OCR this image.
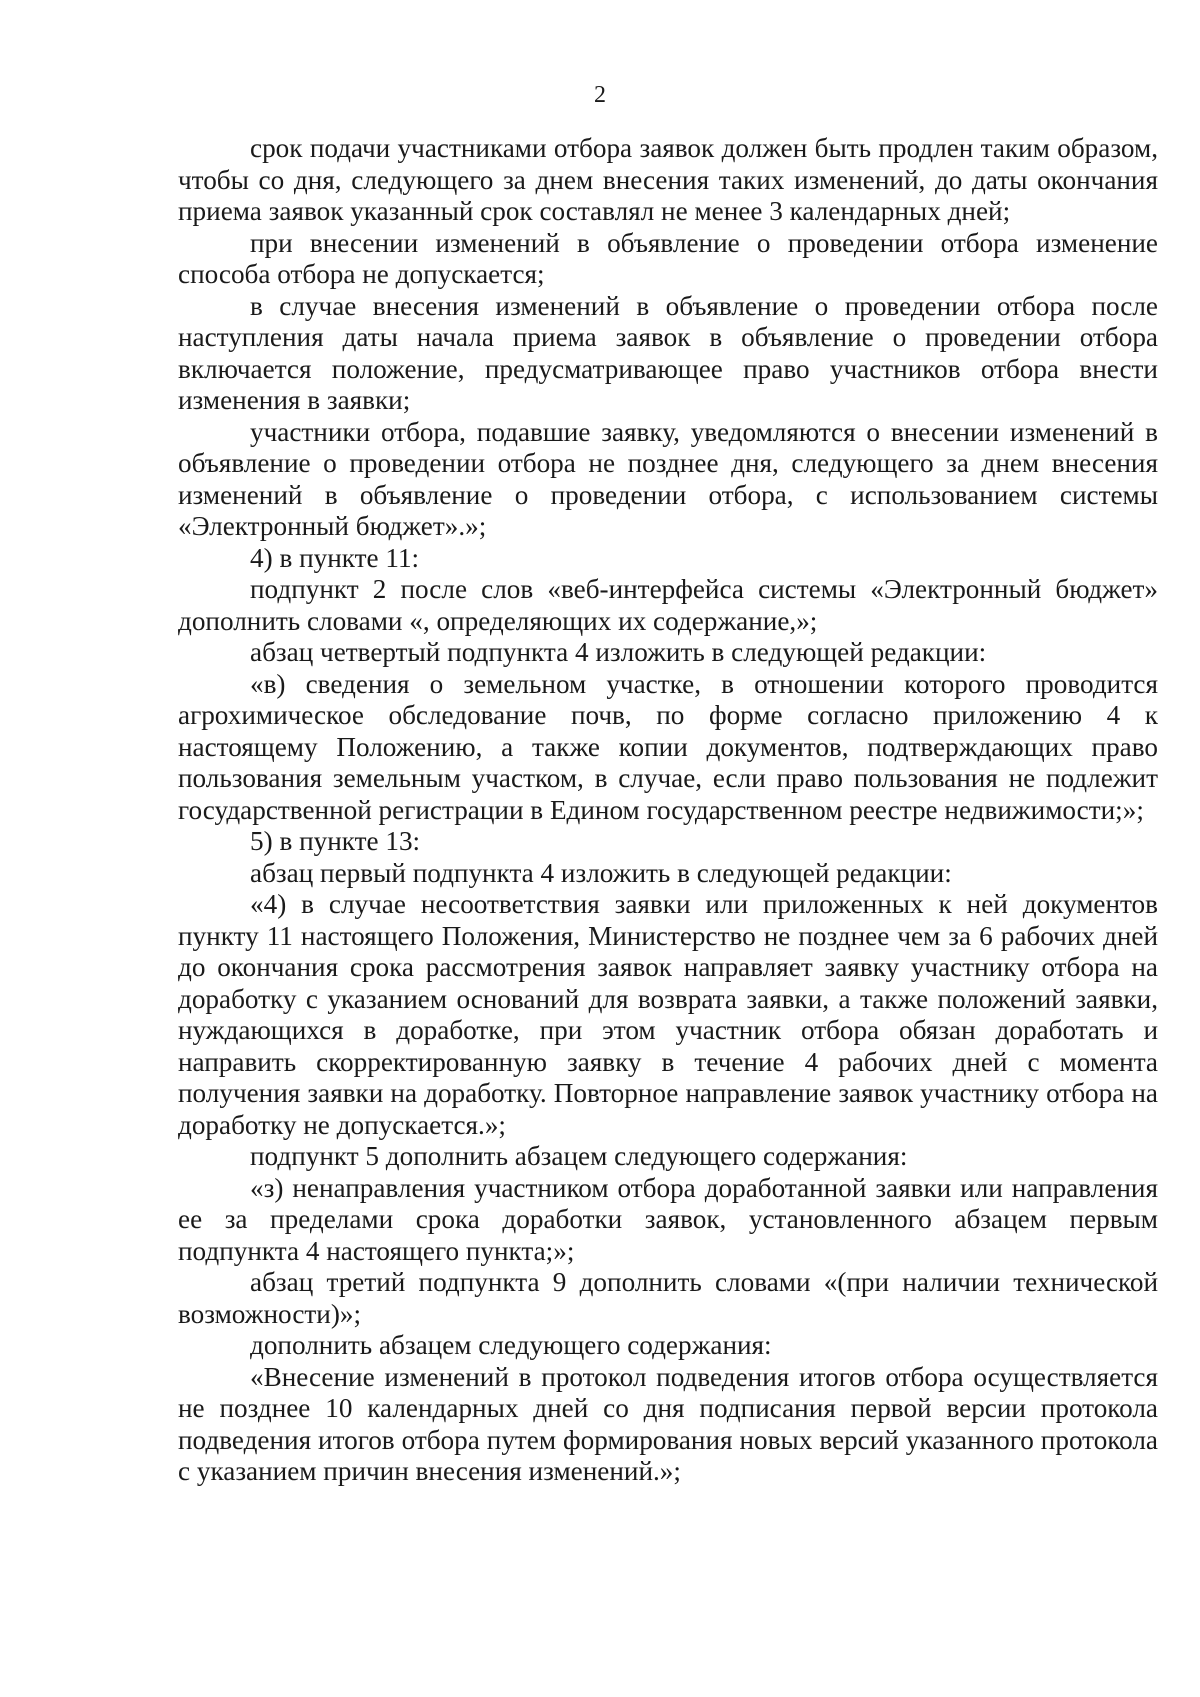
2

срок подачи участниками отбора заявок должен быть продлен таким образом, чтобы со дня, следующего за днем внесения таких изменений, до даты окончания приема заявок указанный срок составлял не менее 3 календарных дней;

при внесении изменений в объявление о проведении отбора изменение способа отбора не допускается;

в случае внесения изменений в объявление о проведении отбора после наступления даты начала приема заявок в объявление о проведении отбора включается положение, предусматривающее право участников отбора внести изменения в заявки;

участники отбора, подавшие заявку, уведомляются о внесении изменений в объявление о проведении отбора не позднее дня, следующего за днем внесения изменений в объявление о проведении отбора, с использованием системы «Электронный бюджет».»;

4) в пункте 11:

подпункт 2 после слов «веб-интерфейса системы «Электронный бюджет» дополнить словами «, определяющих их содержание,»;

абзац четвертый подпункта 4 изложить в следующей редакции:

«в) сведения о земельном участке, в отношении которого проводится агрохимическое обследование почв, по форме согласно приложению 4 к настоящему Положению, а также копии документов, подтверждающих право пользования земельным участком, в случае, если право пользования не подлежит государственной регистрации в Едином государственном реестре недвижимости;»;

5) в пункте 13:

абзац первый подпункта 4 изложить в следующей редакции:

«4) в случае несоответствия заявки или приложенных к ней документов пункту 11 настоящего Положения, Министерство не позднее чем за 6 рабочих дней до окончания срока рассмотрения заявок направляет заявку участнику отбора на доработку с указанием оснований для возврата заявки, а также положений заявки, нуждающихся в доработке, при этом участник отбора обязан доработать и направить скорректированную заявку в течение 4 рабочих дней с момента получения заявки на доработку. Повторное направление заявок участнику отбора на доработку не допускается.»;

подпункт 5 дополнить абзацем следующего содержания:

«з) ненаправления участником отбора доработанной заявки или направления ее за пределами срока доработки заявок, установленного абзацем первым подпункта 4 настоящего пункта;»;

абзац третий подпункта 9 дополнить словами «(при наличии технической возможности)»;

дополнить абзацем следующего содержания:

«Внесение изменений в протокол подведения итогов отбора осуществляется не позднее 10 календарных дней со дня подписания первой версии протокола подведения итогов отбора путем формирования новых версий указанного протокола с указанием причин внесения изменений.»;
